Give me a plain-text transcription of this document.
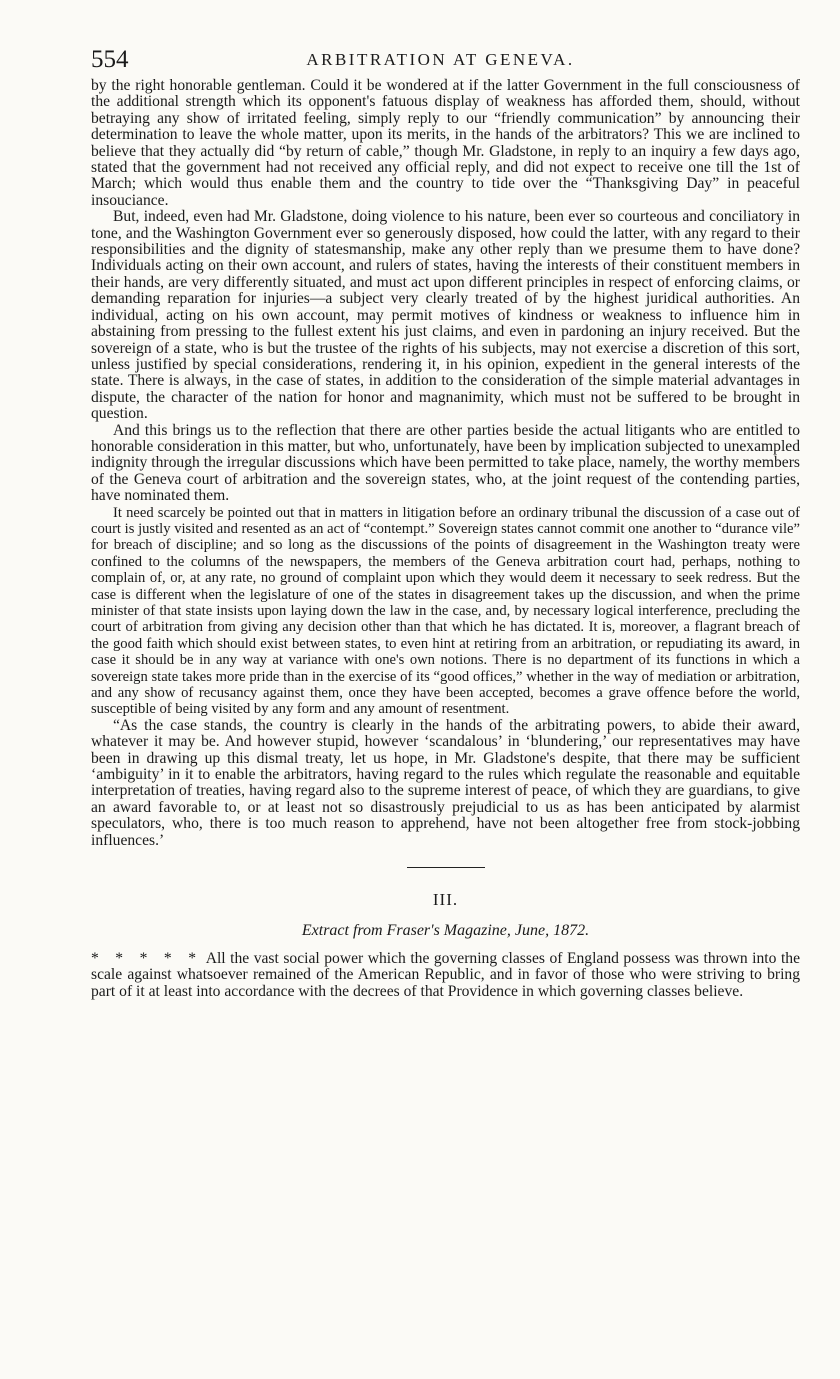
554	ARBITRATION AT GENEVA.

by the right honorable gentleman. Could it be wondered at if the latter Government in the full consciousness of the additional strength which its opponent's fatuous display of weakness has afforded them, should, without betraying any show of irritated feeling, simply reply to our “friendly communication” by announcing their determination to leave the whole matter, upon its merits, in the hands of the arbitrators? This we are inclined to believe that they actually did “by return of cable,” though Mr. Gladstone, in reply to an inquiry a few days ago, stated that the government had not received any official reply, and did not expect to receive one till the 1st of March; which would thus enable them and the country to tide over the “Thanksgiving Day” in peaceful insouciance.

But, indeed, even had Mr. Gladstone, doing violence to his nature, been ever so courteous and conciliatory in tone, and the Washington Government ever so generously disposed, how could the latter, with any regard to their responsibilities and the dignity of statesmanship, make any other reply than we presume them to have done? Individuals acting on their own account, and rulers of states, having the interests of their constituent members in their hands, are very differently situated, and must act upon different principles in respect of enforcing claims, or demanding reparation for injuries—a subject very clearly treated of by the highest juridical authorities. An individual, acting on his own account, may permit motives of kindness or weakness to influence him in abstaining from pressing to the fullest extent his just claims, and even in pardoning an injury received. But the sovereign of a state, who is but the trustee of the rights of his subjects, may not exercise a discretion of this sort, unless justified by special considerations, rendering it, in his opinion, expedient in the general interests of the state. There is always, in the case of states, in addition to the consideration of the simple material advantages in dispute, the character of the nation for honor and magnanimity, which must not be suffered to be brought in question.

And this brings us to the reflection that there are other parties beside the actual litigants who are entitled to honorable consideration in this matter, but who, unfortunately, have been by implication subjected to unexampled indignity through the irregular discussions which have been permitted to take place, namely, the worthy members of the Geneva court of arbitration and the sovereign states, who, at the joint request of the contending parties, have nominated them.

It need scarcely be pointed out that in matters in litigation before an ordinary tribunal the discussion of a case out of court is justly visited and resented as an act of “contempt.” Sovereign states cannot commit one another to “durance vile” for breach of discipline; and so long as the discussions of the points of disagreement in the Washington treaty were confined to the columns of the newspapers, the members of the Geneva arbitration court had, perhaps, nothing to complain of, or, at any rate, no ground of complaint upon which they would deem it necessary to seek redress. But the case is different when the legislature of one of the states in disagreement takes up the discussion, and when the prime minister of that state insists upon laying down the law in the case, and, by necessary logical interference, precluding the court of arbitration from giving any decision other than that which he has dictated. It is, moreover, a flagrant breach of the good faith which should exist between states, to even hint at retiring from an arbitration, or repudiating its award, in case it should be in any way at variance with one's own notions. There is no department of its functions in which a sovereign state takes more pride than in the exercise of its “good offices,” whether in the way of mediation or arbitration, and any show of recusancy against them, once they have been accepted, becomes a grave offence before the world, susceptible of being visited by any form and any amount of resentment.

“As the case stands, the country is clearly in the hands of the arbitrating powers, to abide their award, whatever it may be. And however stupid, however ‘scandalous’ in ‘blundering,’ our representatives may have been in drawing up this dismal treaty, let us hope, in Mr. Gladstone's despite, that there may be sufficient ‘ambiguity’ in it to enable the arbitrators, having regard to the rules which regulate the reasonable and equitable interpretation of treaties, having regard also to the supreme interest of peace, of which they are guardians, to give an award favorable to, or at least not so disastrously prejudicial to us as has been anticipated by alarmist speculators, who, there is too much reason to apprehend, have not been altogether free from stock-jobbing influences.’

III.
Extract from Fraser's Magazine, June, 1872.

* * * * * All the vast social power which the governing classes of England possess was thrown into the scale against whatsoever remained of the American Republic, and in favor of those who were striving to bring part of it at least into accordance with the decrees of that Providence in which governing classes believe.
